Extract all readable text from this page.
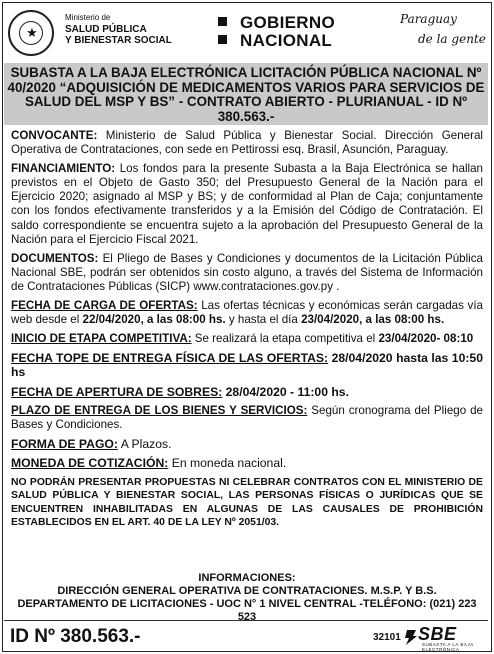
★
Ministerio de
SALUD PÚBLICA
Y BIENESTAR SOCIAL
GOBIERNO
NACIONAL
Paraguay
de la gente
SUBASTA A LA BAJA ELECTRÓNICA LICITACIÓN PÚBLICA NACIONAL Nº 40/2020 “ADQUISICIÓN DE MEDICAMENTOS VARIOS PARA SERVICIOS DE SALUD DEL MSP Y BS” - CONTRATO ABIERTO - PLURIANUAL - ID Nº 380.563.-

CONVOCANTE: Ministerio de Salud Pública y Bienestar Social. Dirección General Operativa de Contrataciones, con sede en Pettirossi esq. Brasil, Asunción, Paraguay.

FINANCIAMIENTO: Los fondos para la presente Subasta a la Baja Electrónica se hallan previstos en el Objeto de Gasto 350; del Presupuesto General de la Nación para el Ejercicio 2020; asignado al MSP y BS; y de conformidad al Plan de Caja; conjuntamente con los fondos efectivamente transferidos y a la Emisión del Código de Contratación. El saldo correspondiente se encuentra sujeto a la aprobación del Presupuesto General de la Nación para el Ejercicio Fiscal 2021.

DOCUMENTOS: El Pliego de Bases y Condiciones y documentos de la Licitación Pública Nacional SBE, podrán ser obtenidos sin costo alguno, a través del Sistema de Información de Contrataciones Públicas (SICP) www.contrataciones.gov.py .

FECHA DE CARGA DE OFERTAS: Las ofertas técnicas y económicas serán cargadas vía web desde el 22/04/2020, a las 08:00 hs. y hasta el día 23/04/2020, a las 08:00 hs.

INICIO DE ETAPA COMPETITIVA: Se realizará la etapa competitiva el 23/04/2020- 08:10

FECHA TOPE DE ENTREGA FÍSICA DE LAS OFERTAS: 28/04/2020 hasta las 10:50 hs

FECHA DE APERTURA DE SOBRES: 28/04/2020 - 11:00 hs.

PLAZO DE ENTREGA DE LOS BIENES Y SERVICIOS: Según cronograma del Pliego de Bases y Condiciones.

FORMA DE PAGO: A Plazos.

MONEDA DE COTIZACIÓN: En moneda nacional.

NO PODRÁN PRESENTAR PROPUESTAS NI CELEBRAR CONTRATOS CON EL MINISTERIO DE SALUD PÚBLICA Y BIENESTAR SOCIAL, LAS PERSONAS FÍSICAS O JURÍDICAS QUE SE ENCUENTREN INHABILITADAS EN ALGUNAS DE LAS CAUSALES DE PROHIBICIÓN ESTABLECIDOS EN EL ART. 40 DE LA LEY Nº 2051/03.

INFORMACIONES:
DIRECCIÓN GENERAL OPERATIVA DE CONTRATACIONES. M.S.P. Y B.S.
DEPARTAMENTO DE LICITACIONES - UOC N° 1 NIVEL CENTRAL -TELÉFONO: (021) 223 523
ID Nº 380.563.-	32101 SBE
SUBASTA A LA BAJA ELECTRÓNICA
